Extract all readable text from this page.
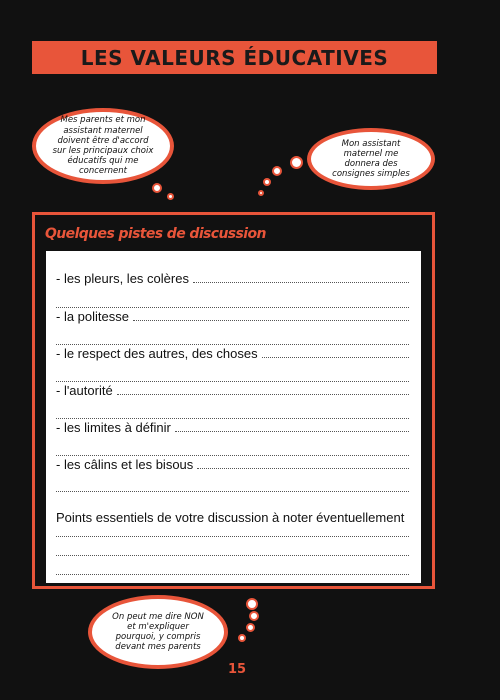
LES VALEURS ÉDUCATIVES

Mes parents et mon assistant maternel doivent être d'accord sur les principaux choix éducatifs qui me concernent

Mon assistant maternel me donnera des consignes simples

Quelques pistes de discussion
- les pleurs, les colères
- la politesse
- le respect des autres, des choses
- l'autorité
- les limites à définir
- les câlins et les bisous
Points essentiels de votre discussion à noter éventuellement

On peut me dire NON et m'expliquer pourquoi, y compris devant mes parents

15
